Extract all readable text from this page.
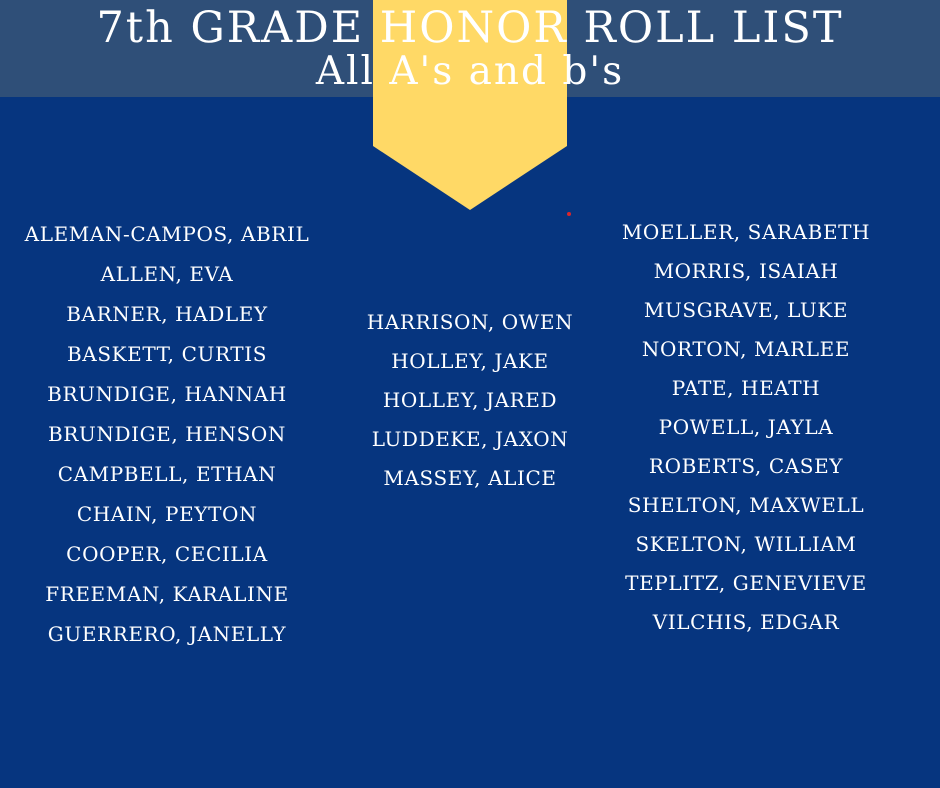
7th GRADE HONOR ROLL LIST
All A's and b's
ALEMAN-CAMPOS, ABRIL
ALLEN, EVA
BARNER, HADLEY
BASKETT, CURTIS
BRUNDIGE, HANNAH
BRUNDIGE, HENSON
CAMPBELL, ETHAN
CHAIN, PEYTON
COOPER, CECILIA
FREEMAN, KARALINE
GUERRERO, JANELLY
HARRISON, OWEN
HOLLEY, JAKE
HOLLEY, JARED
LUDDEKE, JAXON
MASSEY, ALICE
MOELLER, SARABETH
MORRIS, ISAIAH
MUSGRAVE, LUKE
NORTON, MARLEE
PATE, HEATH
POWELL, JAYLA
ROBERTS, CASEY
SHELTON, MAXWELL
SKELTON, WILLIAM
TEPLITZ, GENEVIEVE
VILCHIS, EDGAR
